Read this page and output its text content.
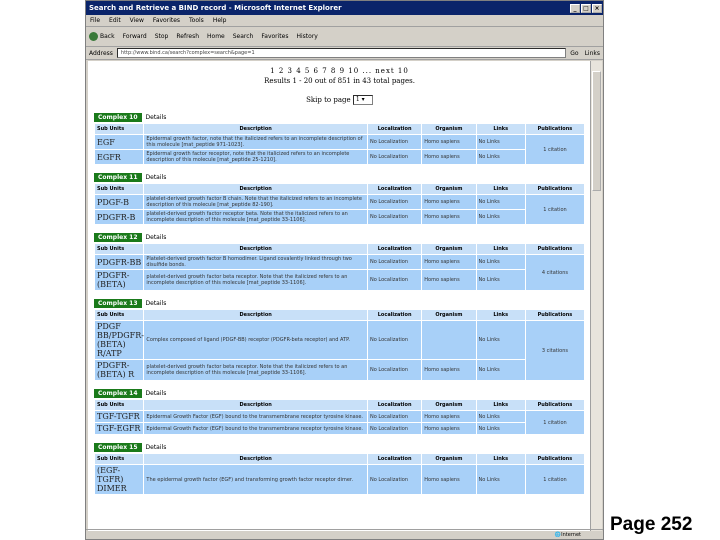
Search and Retrieve a BIND record - Microsoft Internet Explorer	_	□ ×
File Edit View Favorites Tools Help
Back Forward Stop Refresh Home Search Favorites History
Address	http://www.bind.ca/search?complex=search&page=1	Go Links
1 2 3 4 5 6 7 8 9 10 ... next 10
Results 1 - 20 out of 851 in 43 total pages.
Skip to page 1 ▾
Complex 10	Details
Sub Units	Description	Localization	Organism	Links	Publications
EGF	Epidermal growth factor, note that the italicized refers to an incomplete description of this molecule [mat_peptide 971-1023].	No Localization	Homo sapiens	No Links	1 citation
EGFR	Epidermal growth factor receptor, note that the italicized refers to an incomplete description of this molecule [mat_peptide 25-1210].	No Localization	Homo sapiens	No Links	
Complex 11	Details
Sub Units	Description	Localization	Organism	Links	Publications
PDGF-B	platelet-derived growth factor B chain. Note that the italicized refers to an incomplete description of this molecule [mat_peptide 82-190].	No Localization	Homo sapiens	No Links	1 citation
PDGFR-B	platelet-derived growth factor receptor beta. Note that the italicized refers to an incomplete description of this molecule [mat_peptide 33-1106].	No Localization	Homo sapiens	No Links	
Complex 12	Details
Sub Units	Description	Localization	Organism	Links	Publications
PDGFR-BB	Platelet-derived growth factor B homodimer. Ligand covalently linked through two disulfide bonds.	No Localization	Homo sapiens	No Links	4 citations
PDGFR-(BETA)	platelet-derived growth factor beta receptor. Note that the italicized refers to an incomplete description of this molecule [mat_peptide 33-1106].	No Localization	Homo sapiens	No Links	
Complex 13	Details
Sub Units	Description	Localization	Organism	Links	Publications
PDGF BB/PDGFR-(BETA) R/ATP	Complex composed of ligand (PDGF-BB) receptor (PDGFR-beta receptor) and ATP.	No Localization		No Links	3 citations
PDGFR-(BETA) R	platelet-derived growth factor beta receptor. Note that the italicized refers to an incomplete description of this molecule [mat_peptide 33-1106].	No Localization	Homo sapiens	No Links	
Complex 14	Details
Sub Units	Description	Localization	Organism	Links	Publications
TGF-TGFR	Epidermal Growth Factor (EGF) bound to the transmembrane receptor tyrosine kinase.	No Localization	Homo sapiens	No Links	1 citation
TGF-EGFR	Epidermal Growth Factor (EGF) bound to the transmembrane receptor tyrosine kinase.	No Localization	Homo sapiens	No Links	
Complex 15	Details
Sub Units	Description	Localization	Organism	Links	Publications
(EGF-TGFR) DIMER	The epidermal growth factor (EGF) and transforming growth factor receptor dimer.	No Localization	Homo sapiens	No Links	1 citation
🌐 Internet Page 252
